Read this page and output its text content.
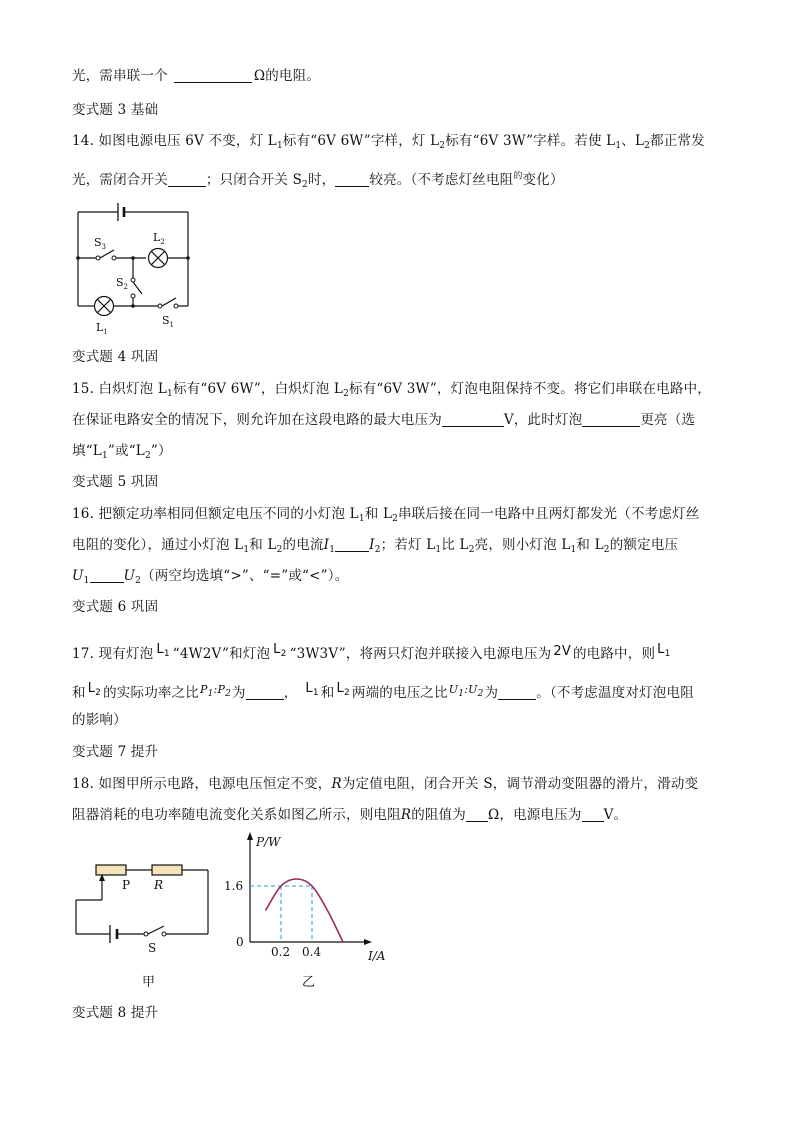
光，需串联一个	Ω的电阻。
变式题 3 基础
14. 如图电源电压 6V 不变，灯 $L_1$标有“6V 6W”字样，灯 $L_2$标有“6V 3W”字样。若使 $L_1$、$L_2$都正常发
光，需闭合开关	；只闭合开关 $S_2$时，	较亮。（不考虑灯丝电阻$^的$变化）
$S_3$
$L_2$
$S_2$
$L_1$
$S_1$
变式题 4 巩固
15. 白炽灯泡 $L_1$标有“6V 6W”，白炽灯泡 $L_2$标有“6V 3W”，灯泡电阻保持不变。将它们串联在电路中，
在保证电路安全的情况下，则允许加在这段电路的最大电压为	V，此时灯泡	更亮（选
填“$L_1$”或“$L_2$”）
变式题 5 巩固
16. 把额定功率相同但额定电压不同的小灯泡 $L_1$和 $L_2$串联后接在同一电路中且两灯都发光（不考虑灯丝
电阻的变化），通过小灯泡 $L_1$和 $L_2$的电流$I_1$	$I_2$；若灯 $L_1$比 $L_2$亮，则小灯泡 $L_1$和 $L_2$的额定电压
$U_1$	$U_2$（两空均选填“>”、“=”或“<”）。
变式题 6 巩固
17. 现有灯泡 $L_1$ “4W2V”和灯泡 $L_2$ “3W3V”，将两只灯泡并联接入电源电压为 2V 的电路中，则 $L_1$
和 $L_2$ 的实际功率之比$^{P_1:P_2}$为	， $L_1$ 和 $L_2$ 两端的电压之比$^{U_1:U_2}$为	。（不考虑温度对灯泡电阻
的影响）
变式题 7 提升
18. 如图甲所示电路，电源电压恒定不变，R为定值电阻，闭合开关 S，调节滑动变阻器的滑片，滑动变
阻器消耗的电功率随电流变化关系如图乙所示，则电阻R的阻值为 Ω，电源电压为 V。
P R
S
甲
P/W
I/A
0
1.6
0.2 0.4
乙
变式题 8 提升
